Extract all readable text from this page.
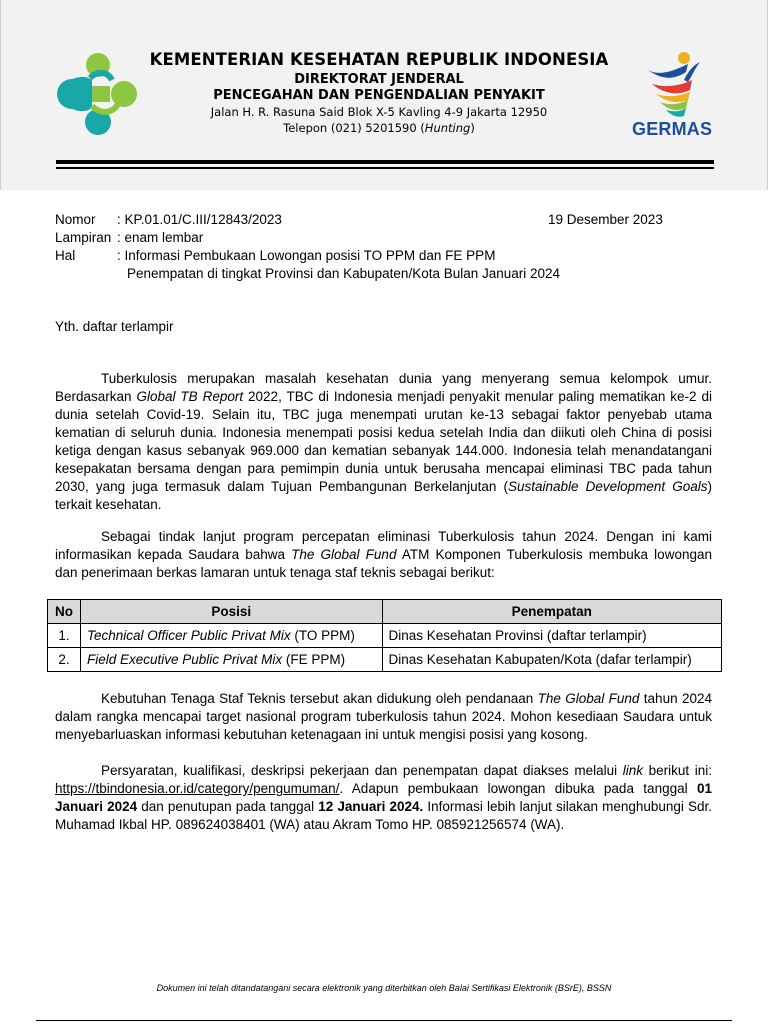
KEMENTERIAN KESEHATAN REPUBLIK INDONESIA
DIREKTORAT JENDERAL
PENCEGAHAN DAN PENGENDALIAN PENYAKIT
Jalan H. R. Rasuna Said Blok X-5 Kavling 4-9 Jakarta 12950
Telepon (021) 5201590 (Hunting)	GERMAS
Nomor : KP.01.01/C.III/12843/2023	19 Desember 2023
Lampiran : enam lembar
Hal	: Informasi Pembukaan Lowongan posisi TO PPM dan FE PPM
Penempatan di tingkat Provinsi dan Kabupaten/Kota Bulan Januari 2024
Yth. daftar terlampir

Tuberkulosis merupakan masalah kesehatan dunia yang menyerang semua kelompok umur. Berdasarkan Global TB Report 2022, TBC di Indonesia menjadi penyakit menular paling mematikan ke-2 di dunia setelah Covid-19. Selain itu, TBC juga menempati urutan ke-13 sebagai faktor penyebab utama kematian di seluruh dunia. Indonesia menempati posisi kedua setelah India dan diikuti oleh China di posisi ketiga dengan kasus sebanyak 969.000 dan kematian sebanyak 144.000. Indonesia telah menandatangani kesepakatan bersama dengan para pemimpin dunia untuk berusaha mencapai eliminasi TBC pada tahun 2030, yang juga termasuk dalam Tujuan Pembangunan Berkelanjutan (Sustainable Development Goals) terkait kesehatan.

Sebagai tindak lanjut program percepatan eliminasi Tuberkulosis tahun 2024. Dengan ini kami informasikan kepada Saudara bahwa The Global Fund ATM Komponen Tuberkulosis membuka lowongan dan penerimaan berkas lamaran untuk tenaga staf teknis sebagai berikut:

No	Posisi	Penempatan
1.	Technical Officer Public Privat Mix (TO PPM)	Dinas Kesehatan Provinsi (daftar terlampir)
2.	Field Executive Public Privat Mix (FE PPM)	Dinas Kesehatan Kabupaten/Kota (dafar terlampir)

Kebutuhan Tenaga Staf Teknis tersebut akan didukung oleh pendanaan The Global Fund tahun 2024 dalam rangka mencapai target nasional program tuberkulosis tahun 2024. Mohon kesediaan Saudara untuk menyebarluaskan informasi kebutuhan ketenagaan ini untuk mengisi posisi yang kosong.

Persyaratan, kualifikasi, deskripsi pekerjaan dan penempatan dapat diakses melalui link berikut ini: https://tbindonesia.or.id/category/pengumuman/. Adapun pembukaan lowongan dibuka pada tanggal 01 Januari 2024 dan penutupan pada tanggal 12 Januari 2024. Informasi lebih lanjut silakan menghubungi Sdr. Muhamad Ikbal HP. 089624038401 (WA) atau Akram Tomo HP. 085921256574 (WA).

Dokumen ini telah ditandatangani secara elektronik yang diterbitkan oleh Balai Sertifikasi Elektronik (BSrE), BSSN
